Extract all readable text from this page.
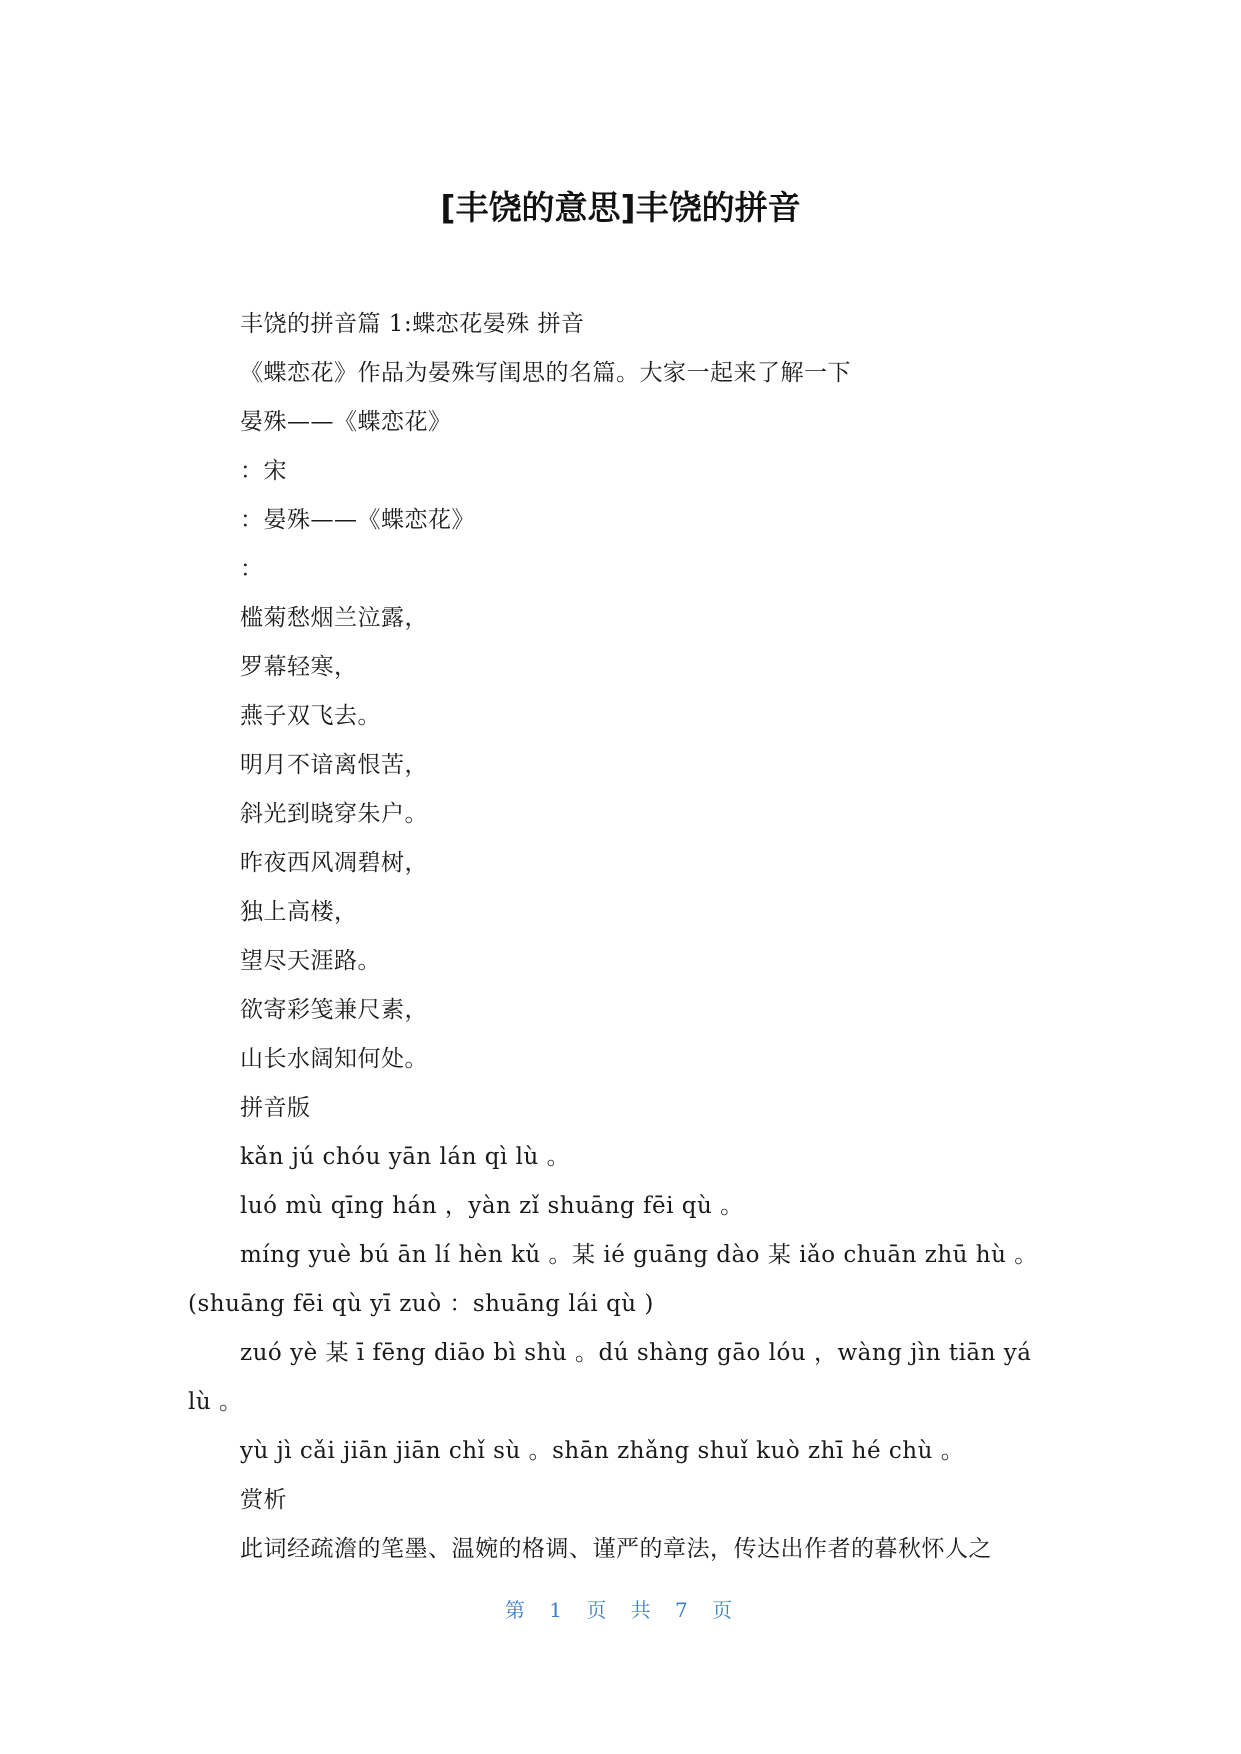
[丰饶的意思]丰饶的拼音

丰饶的拼音篇 1:蝶恋花晏殊 拼音

《蝶恋花》作品为晏殊写闺思的名篇。大家一起来了解一下

晏殊——《蝶恋花》

：宋

：晏殊——《蝶恋花》

：

槛菊愁烟兰泣露，

罗幕轻寒，

燕子双飞去。

明月不谙离恨苦，

斜光到晓穿朱户。

昨夜西风凋碧树，

独上高楼，

望尽天涯路。

欲寄彩笺兼尺素，

山长水阔知何处。

拼音版

kǎn jú chóu yān lán qì lù 。

luó mù qīng hán ，yàn zǐ shuāng fēi qù 。

míng yuè bú ān lí hèn kǔ 。某 ié guāng dào 某 iǎo chuān zhū hù 。(shuāng fēi qù yī zuò ：shuāng lái qù )

zuó yè 某 ī fēng diāo bì shù 。dú shàng gāo lóu ，wàng jìn tiān yá lù 。

yù jì cǎi jiān jiān chǐ sù 。shān zhǎng shuǐ kuò zhī hé chù 。

赏析

此词经疏澹的笔墨、温婉的格调、谨严的章法，传达出作者的暮秋怀人之

第 1 页 共 7 页
